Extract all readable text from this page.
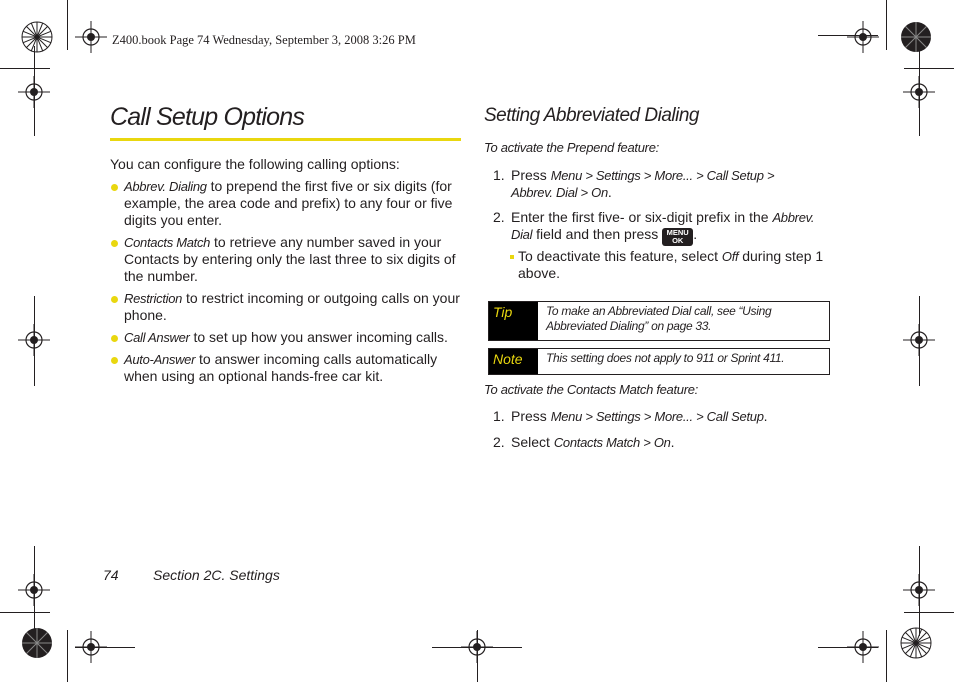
Z400.book Page 74 Wednesday, September 3, 2008 3:26 PM
Call Setup Options
You can configure the following calling options:
Abbrev. Dialing to prepend the first five or six digits (for example, the area code and prefix) to any four or five digits you enter.
Contacts Match to retrieve any number saved in your Contacts by entering only the last three to six digits of the number.
Restriction to restrict incoming or outgoing calls on your phone.
Call Answer to set up how you answer incoming calls.
Auto-Answer to answer incoming calls automatically when using an optional hands-free car kit.
Setting Abbreviated Dialing
To activate the Prepend feature:
1. Press Menu > Settings > More... > Call Setup >
Abbrev. Dial > On.
2. Enter the first five- or six-digit prefix in the Abbrev.
Dial field and then press MENU
OK .
To deactivate this feature, select Off during step 1 above.
Tip	To make an Abbreviated Dial call, see “Using Abbreviated Dialing” on page 33.
Note	This setting does not apply to 911 or Sprint 411.
To activate the Contacts Match feature:
1. Press Menu > Settings > More... > Call Setup.
2. Select Contacts Match > On.
74 Section 2C. Settings
